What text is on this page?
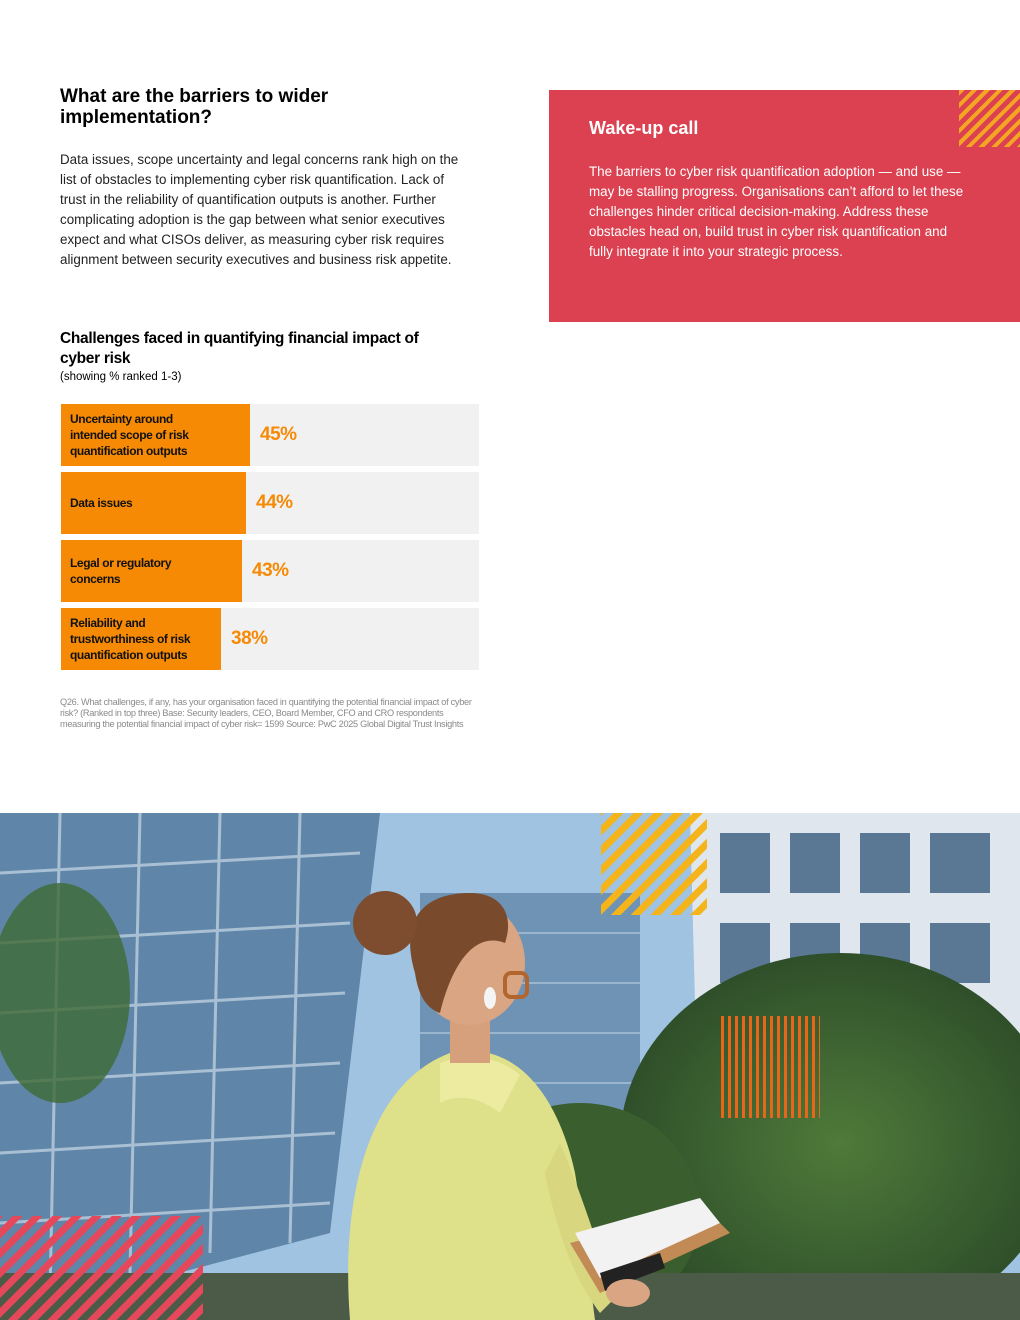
What are the barriers to wider implementation?

Data issues, scope uncertainty and legal concerns rank high on the list of obstacles to implementing cyber risk quantification. Lack of trust in the reliability of quantification outputs is another. Further complicating adoption is the gap between what senior executives expect and what CISOs deliver, as measuring cyber risk requires alignment between security executives and business risk appetite.

Wake-up call

The barriers to cyber risk quantification adoption — and use — may be stalling progress. Organisations can’t afford to let these challenges hinder critical decision-making. Address these obstacles head on, build trust in cyber risk quantification and fully integrate it into your strategic process.

Challenges faced in quantifying financial impact of cyber risk

(showing % ranked 1-3)

Uncertainty around intended scope of risk quantification outputs
45%
Data issues	44%
Legal or regulatory concerns	43%
Reliability and trustworthiness of risk quantification outputs
38%

Q26. What challenges, if any, has your organisation faced in quantifying the potential financial impact of cyber risk? (Ranked in top three) Base: Security leaders, CEO, Board Member, CFO and CRO respondents measuring the potential financial impact of cyber risk= 1599 Source: PwC 2025 Global Digital Trust Insights
